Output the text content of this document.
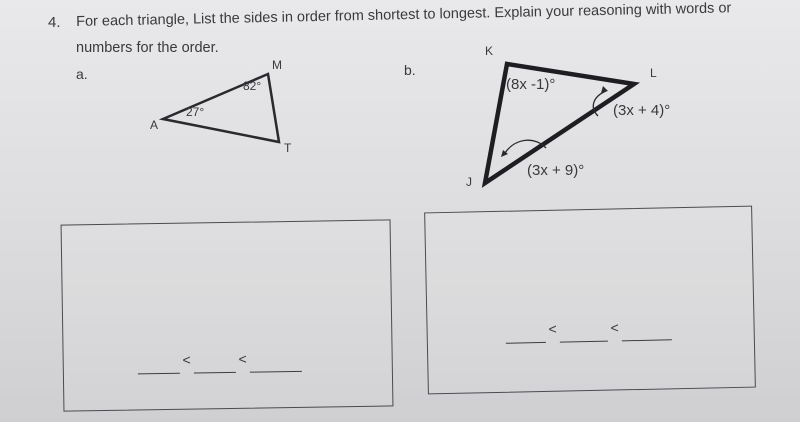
4. For each triangle, List the sides in order from shortest to longest. Explain your reasoning with words or
numbers for the order.
a.
M
A
T
82°
27°
b.
K
L
J
(8x -1)°
(3x + 4)°
(3x + 9)°
<	<
<	<
